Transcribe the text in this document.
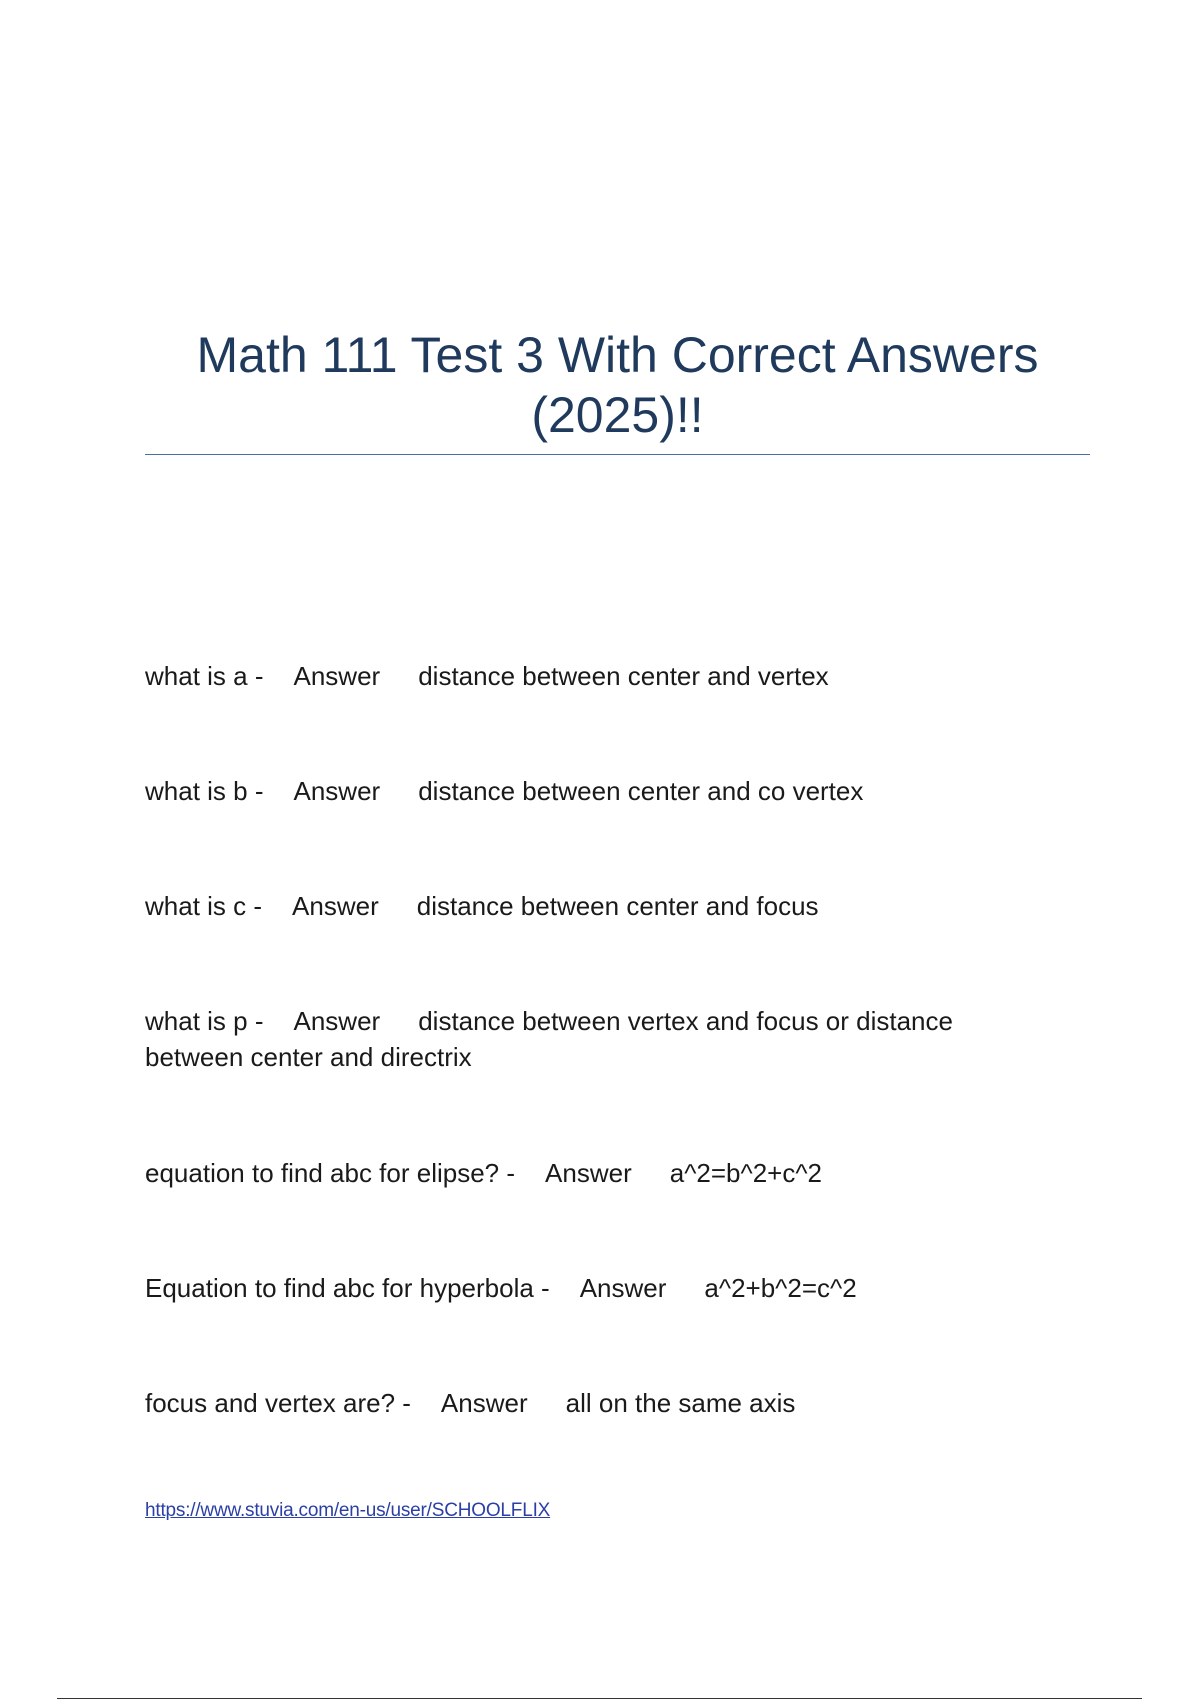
Math 111 Test 3 With Correct Answers (2025)!!
what is a - Answer distance between center and vertex
what is b - Answer distance between center and co vertex
what is c - Answer distance between center and focus
what is p - Answer distance between vertex and focus or distance between center and directrix
equation to find abc for elipse? - Answer a^2=b^2+c^2
Equation to find abc for hyperbola - Answer a^2+b^2=c^2
focus and vertex are? - Answer all on the same axis
https://www.stuvia.com/en-us/user/SCHOOLFLIX
